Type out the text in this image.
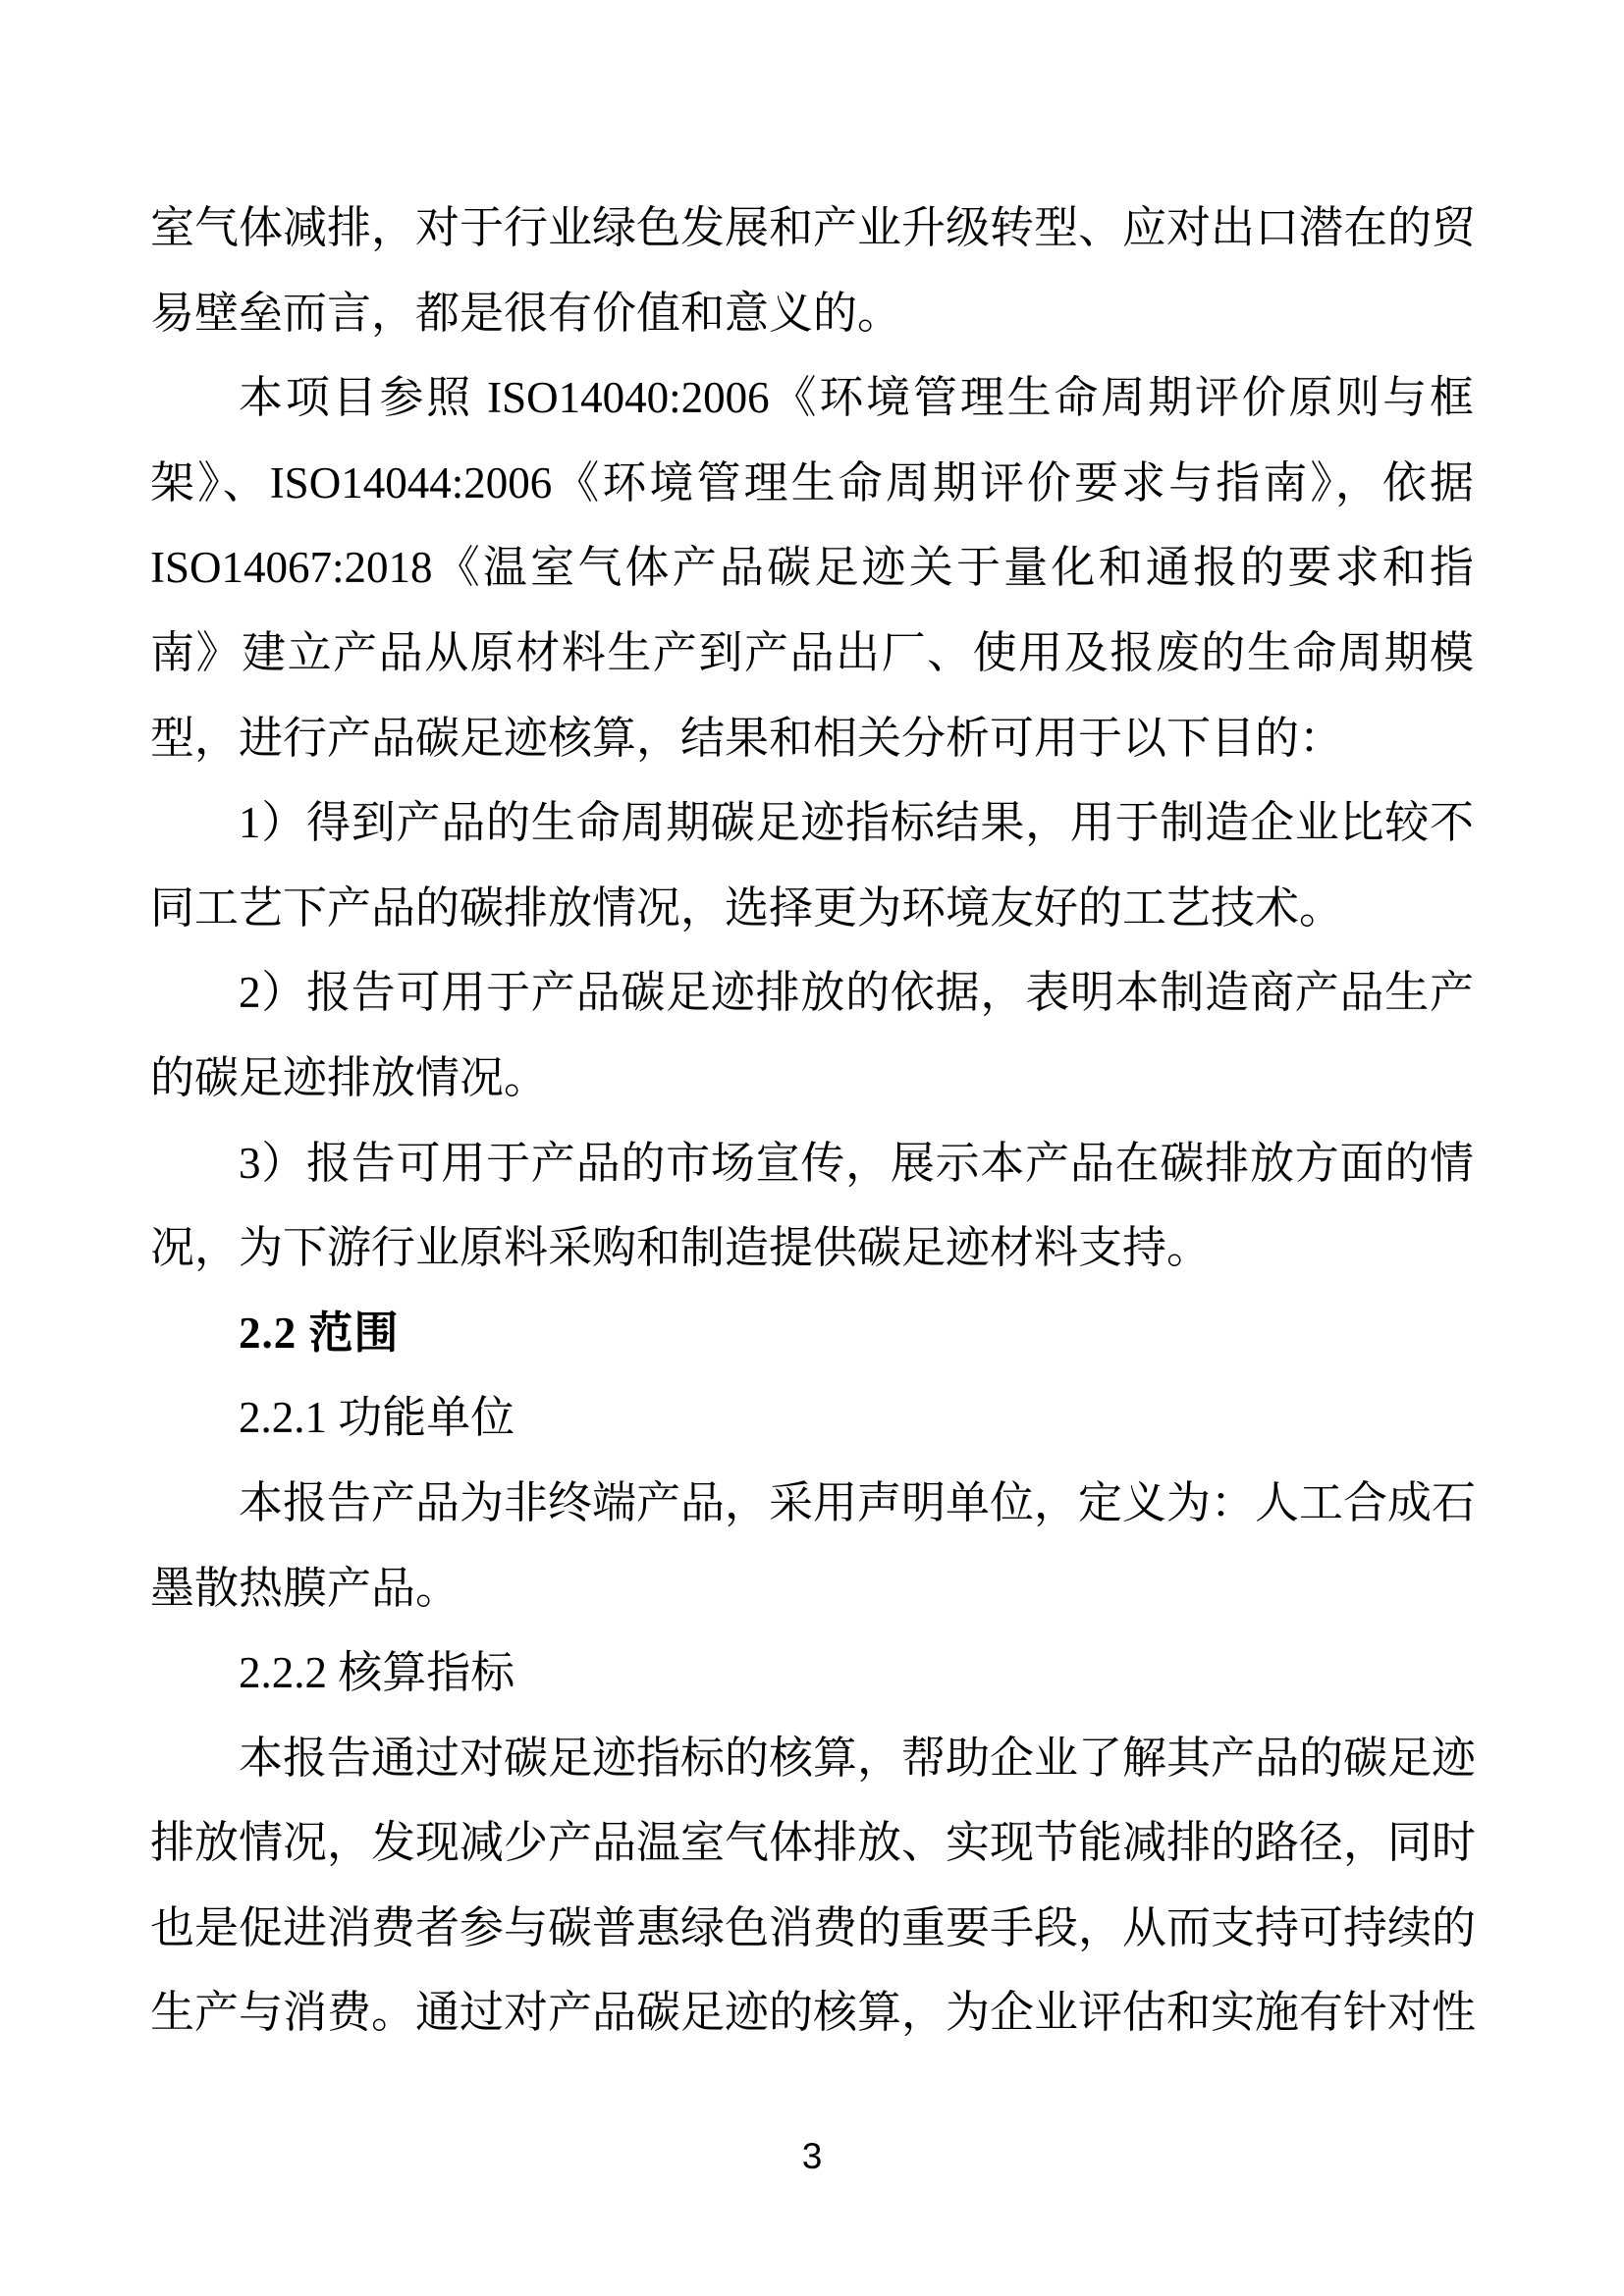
室气体减排，对于行业绿色发展和产业升级转型、应对出口潜在的贸
易壁垒而言，都是很有价值和意义的。
本项目参照 ISO14040:2006《环境管理生命周期评价原则与框
架》、ISO14044:2006《环境管理生命周期评价要求与指南》，依据
ISO14067:2018《温室气体产品碳足迹关于量化和通报的要求和指
南》建立产品从原材料生产到产品出厂、使用及报废的生命周期模
型，进行产品碳足迹核算，结果和相关分析可用于以下目的：
1）得到产品的生命周期碳足迹指标结果，用于制造企业比较不
同工艺下产品的碳排放情况，选择更为环境友好的工艺技术。
2）报告可用于产品碳足迹排放的依据，表明本制造商产品生产
的碳足迹排放情况。
3）报告可用于产品的市场宣传，展示本产品在碳排放方面的情
况，为下游行业原料采购和制造提供碳足迹材料支持。
2.2 范围
2.2.1 功能单位
本报告产品为非终端产品，采用声明单位，定义为：人工合成石
墨散热膜产品。
2.2.2 核算指标
本报告通过对碳足迹指标的核算，帮助企业了解其产品的碳足迹
排放情况，发现减少产品温室气体排放、实现节能减排的路径，同时
也是促进消费者参与碳普惠绿色消费的重要手段，从而支持可持续的
生产与消费。通过对产品碳足迹的核算，为企业评估和实施有针对性
3
